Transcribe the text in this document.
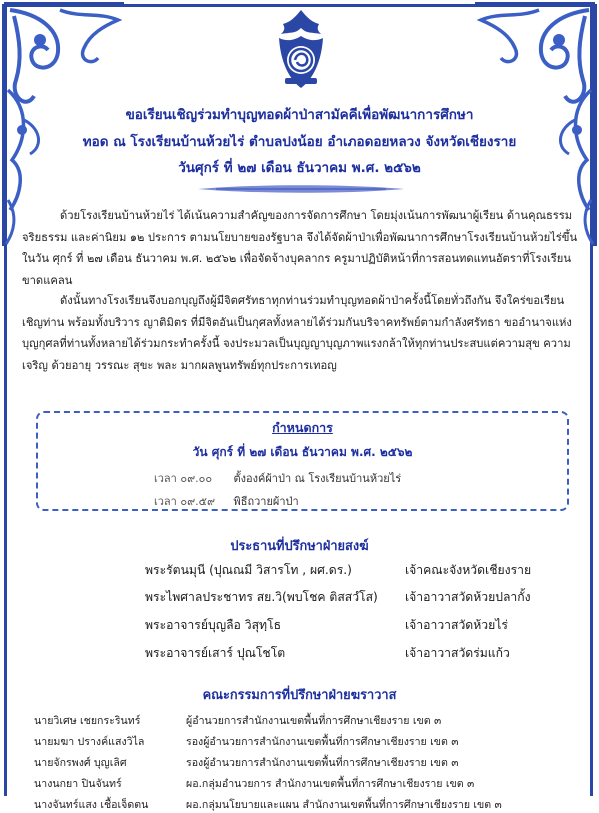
ขอเรียนเชิญร่วมทำบุญทอดผ้าป่าสามัคคีเพื่อพัฒนาการศึกษา
ทอด ณ โรงเรียนบ้านห้วยไร่ ตำบลปงน้อย อำเภอดอยหลวง จังหวัดเชียงราย
วันศุกร์ ที่ ๒๗ เดือน ธันวาคม พ.ศ. ๒๕๖๒
ด้วยโรงเรียนบ้านห้วยไร่ ได้เน้นความสำคัญของการจัดการศึกษา โดยมุ่งเน้นการพัฒนาผู้เรียน ด้านคุณธรรม จริยธรรม และค่านิยม ๑๒ ประการ ตามนโยบายของรัฐบาล จึงได้จัดผ้าป่าเพื่อพัฒนาการศึกษาโรงเรียนบ้านห้วยไร่ขึ้น ในวัน ศุกร์ ที่ ๒๗ เดือน ธันวาคม พ.ศ. ๒๕๖๒ เพื่อจัดจ้างบุคลากร ครูมาปฏิบัติหน้าที่การสอนทดแทนอัตราที่โรงเรียนขาดแคลน
ดังนั้นทางโรงเรียนจึงบอกบุญถึงผู้มีจิตศรัทธาทุกท่านร่วมทำบุญทอดผ้าป่าครั้งนี้โดยทั่วถึงกัน จึงใคร่ขอเรียนเชิญท่าน พร้อมทั้งบริวาร ญาติมิตร ที่มีจิตอันเป็นกุศลทั้งหลายได้ร่วมกันบริจาคทรัพย์ตามกำลังศรัทธา ขออำนาจแห่งบุญกุศลที่ท่านทั้งหลายได้ร่วมกระทำครั้งนี้ จงประมวลเป็นบุญญาบุญภาพแรงกล้าให้ทุกท่านประสบแต่ความสุข ความเจริญ ด้วยอายุ วรรณะ สุขะ พละ มากผลพูนทรัพย์ทุกประการเทอญ
กำหนดการ
วัน ศุกร์ ที่ ๒๗ เดือน ธันวาคม พ.ศ. ๒๕๖๒
เวลา ๐๙.๐๐ ตั้งองค์ผ้าป่า ณ โรงเรียนบ้านห้วยไร่
เวลา ๐๙.๕๙ พิธีถวายผ้าป่า
ประธานที่ปรึกษาฝ่ายสงฆ์
พระรัตนมุนี (ปุณณมี วิสารโท , ผศ.ดร.)	เจ้าคณะจังหวัดเชียงราย
พระไพศาลประชาทร สย.วิ(พบโชค ติสสวํโส) เจ้าอาวาสวัดห้วยปลากั้ง
พระอาจารย์บุญลือ วิสุทฺโธ	เจ้าอาวาสวัดห้วยไร่
พระอาจารย์เสาร์ ปุณโชโต	เจ้าอาวาสวัดร่มแก้ว
คณะกรรมการที่ปรึกษาฝ่ายฆราวาส
นายวิเศษ เชยกระรินทร์	ผู้อำนวยการสำนักงานเขตพื้นที่การศึกษาเชียงราย เขต ๓
นายมฆา ปรางค์แสงวิไล	รองผู้อำนวยการสำนักงานเขตพื้นที่การศึกษาเชียงราย เขต ๓
นายจักรพงศ์ บุญเลิศ	รองผู้อำนวยการสำนักงานเขตพื้นที่การศึกษาเชียงราย เขต ๓
นางนกยา ปินจันทร์	ผอ.กลุ่มอำนวยการ สำนักงานเขตพื้นที่การศึกษาเชียงราย เขต ๓
นางจันทร์แสง เชื้อเจ็ดตน	ผอ.กลุ่มนโยบายและแผน สำนักงานเขตพื้นที่การศึกษาเชียงราย เขต ๓
